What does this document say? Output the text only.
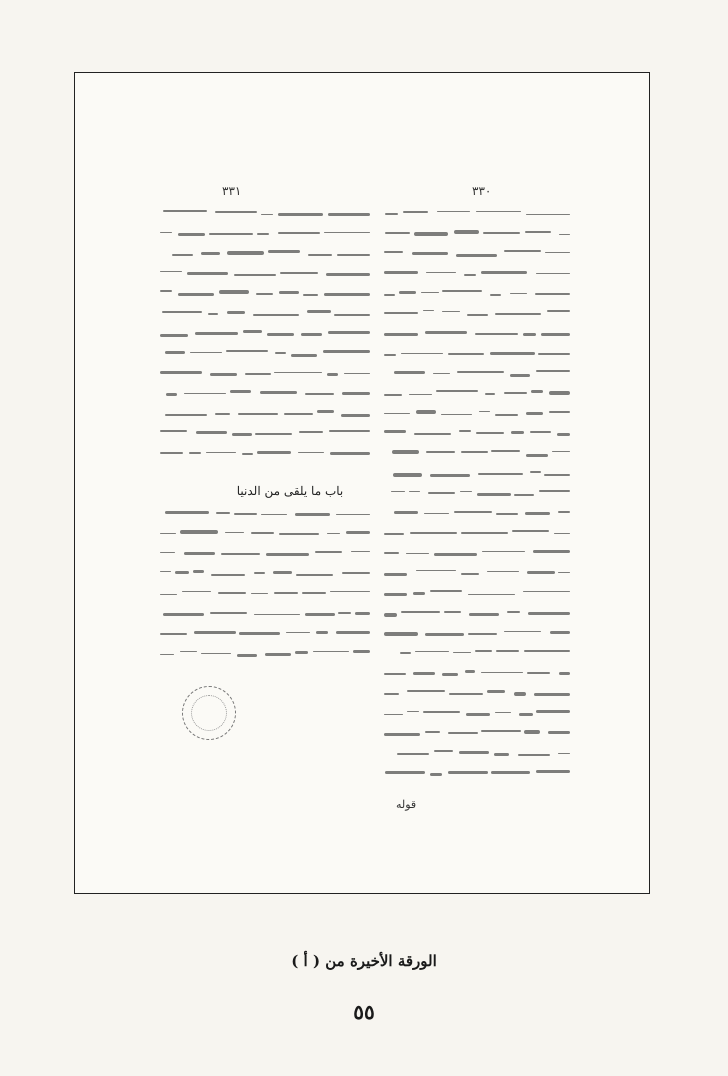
٣٣١	٣٣٠
باب ما يلقى من الدنيا
قوله
الورقة الأخيرة من ( أ )
٥٥
